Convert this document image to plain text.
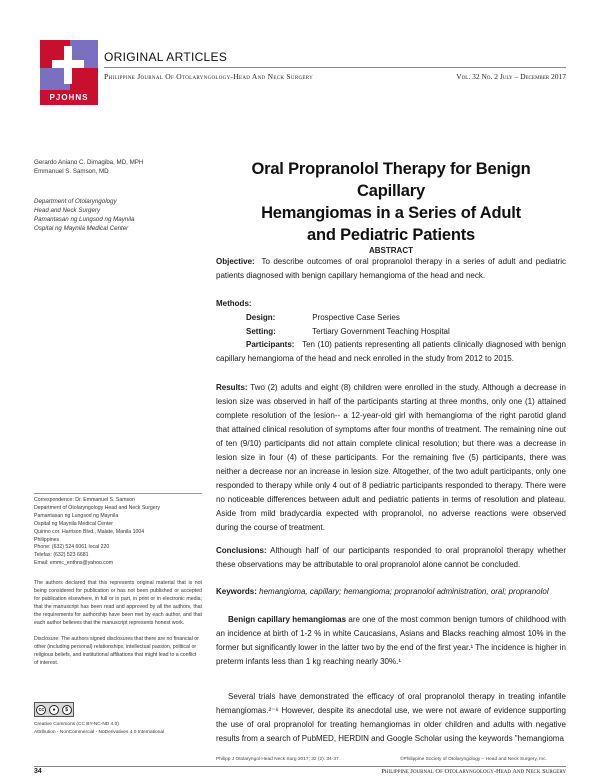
PJOHNS
ORIGINAL ARTICLES
Philippine Journal Of Otolaryngology-Head And Neck Surgery	Vol. 32 No. 2 July – December 2017
Gerardo Aniano C. Dimagiba, MD, MPH
Emmanuel S. Samson, MD
Department of Otolaryngology
Head and Neck Surgery
Pamantasan ng Lungsod ng Maynila
Ospital ng Maynila Medical Center
Correspondence: Dr. Emmanuel S. Samson
Department of Otolaryngology Head and Neck Surgery
Pamantasan ng Lungsod ng Maynila
Ospital ng Maynila Medical Center
Quirino cor. Harrison Blvd., Malate, Manila 1004
Philippines
Phone: (632) 524 6061 local 220
Telefax: (632) 523 6681
Email: emmc_enthns@yahoo.com
The authors declared that this represents original material that is not being considered for publication or has not been published or accepted for publication elsewhere, in full or in part, in print or in electronic media; that the manuscript has been read and approved by all the authors, that the requirements for authorship have been met by each author, and that each author believes that the manuscript represents honest work.
Disclosure: The authors signed disclosures that there are no financial or other (including personal) relationships, intellectual passion, political or religious beliefs, and institutional affiliations that might lead to a conflict of interest.
cc	●	$
Creative Commons (CC BY-NC-ND 4.0)
Attribution - NonCommercial - NoDerivatives 4.0 International
Oral Propranolol Therapy for Benign Capillary
Hemangiomas in a Series of Adult
and Pediatric Patients
ABSTRACT
Objective: To describe outcomes of oral propranolol therapy in a series of adult and pediatric patients diagnosed with benign capillary hemangioma of the head and neck.
Methods:
Design:	Prospective Case Series
Setting:	Tertiary Government Teaching Hospital
Participants: Ten (10) patients representing all patients clinically diagnosed with benign capillary hemangioma of the head and neck enrolled in the study from 2012 to 2015.
Results: Two (2) adults and eight (8) children were enrolled in the study. Although a decrease in lesion size was observed in half of the participants starting at three months, only one (1) attained complete resolution of the lesion-- a 12-year-old girl with hemangioma of the right parotid gland that attained clinical resolution of symptoms after four months of treatment. The remaining nine out of ten (9/10) participants did not attain complete clinical resolution; but there was a decrease in lesion size in four (4) of these participants. For the remaining five (5) participants, there was neither a decrease nor an increase in lesion size. Altogether, of the two adult participants, only one responded to therapy while only 4 out of 8 pediatric participants responded to therapy. There were no noticeable differences between adult and pediatric patients in terms of resolution and plateau. Aside from mild bradycardia expected with propranolol, no adverse reactions were observed during the course of treatment.
Conclusions: Although half of our participants responded to oral propranolol therapy whether these observations may be attributable to oral propranolol alone cannot be concluded.
Keywords: hemangioma, capillary; hemangioma; propranolol administration, oral; propranolol
Benign capillary hemangiomas are one of the most common benign tumors of childhood with an incidence at birth of 1-2 % in white Caucasians, Asians and Blacks reaching almost 10% in the former but significantly lower in the latter two by the end of the first year.¹ The incidence is higher in preterm infants less than 1 kg reaching nearly 30%.¹
Several trials have demonstrated the efficacy of oral propranolol therapy in treating infantile hemangiomas.²⁻⁶ However, despite its anecdotal use, we were not aware of evidence supporting the use of oral propranolol for treating hemangiomas in older children and adults with negative results from a search of PubMED, HERDIN and Google Scholar using the keywords "hemangioma
Philipp J Otolaryngol Head Neck Surg 2017; 32 (2): 34-37	©Philippine Society of Otolaryngology – Head and Neck Surgery, Inc.
34	Philippine Journal Of Otolaryngology-Head And Neck Surgery
